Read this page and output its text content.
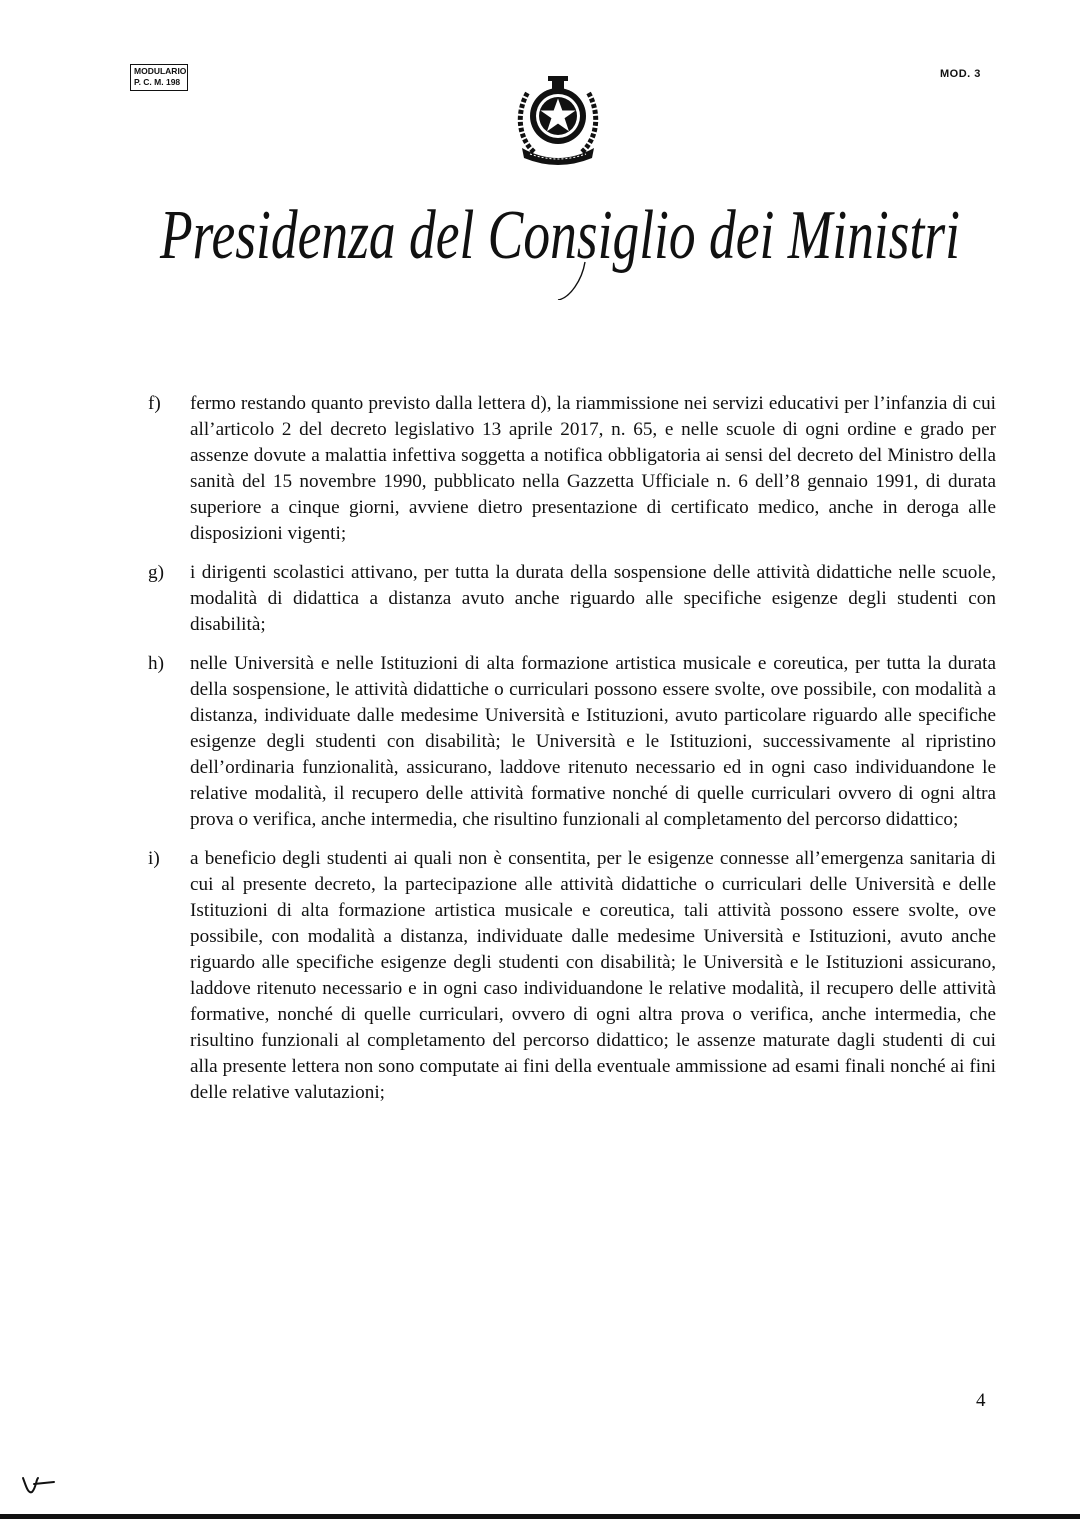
MODULARIO
P. C. M. 198
MOD. 3
Presidenza del Consiglio dei Ministri
f)	fermo restando quanto previsto dalla lettera d), la riammissione nei servizi educativi per l’infanzia di cui all’articolo 2 del decreto legislativo 13 aprile 2017, n. 65, e nelle scuole di ogni ordine e grado per assenze dovute a malattia infettiva soggetta a notifica obbligatoria ai sensi del decreto del Ministro della sanità del 15 novembre 1990, pubblicato nella Gazzetta Ufficiale n. 6 dell’8 gennaio 1991, di durata superiore a cinque giorni, avviene dietro presentazione di certificato medico, anche in deroga alle disposizioni vigenti;
g)	i dirigenti scolastici attivano, per tutta la durata della sospensione delle attività didattiche nelle scuole, modalità di didattica a distanza avuto anche riguardo alle specifiche esigenze degli studenti con disabilità;
h)	nelle Università e nelle Istituzioni di alta formazione artistica musicale e coreutica, per tutta la durata della sospensione, le attività didattiche o curriculari possono essere svolte, ove possibile, con modalità a distanza, individuate dalle medesime Università e Istituzioni, avuto particolare riguardo alle specifiche esigenze degli studenti con disabilità; le Università e le Istituzioni, successivamente al ripristino dell’ordinaria funzionalità, assicurano, laddove ritenuto necessario ed in ogni caso individuandone le relative modalità, il recupero delle attività formative nonché di quelle curriculari ovvero di ogni altra prova o verifica, anche intermedia, che risultino funzionali al completamento del percorso didattico;
i)	a beneficio degli studenti ai quali non è consentita, per le esigenze connesse all’emergenza sanitaria di cui al presente decreto, la partecipazione alle attività didattiche o curriculari delle Università e delle Istituzioni di alta formazione artistica musicale e coreutica, tali attività possono essere svolte, ove possibile, con modalità a distanza, individuate dalle medesime Università e Istituzioni, avuto anche riguardo alle specifiche esigenze degli studenti con disabilità; le Università e le Istituzioni assicurano, laddove ritenuto necessario e in ogni caso individuandone le relative modalità, il recupero delle attività formative, nonché di quelle curriculari, ovvero di ogni altra prova o verifica, anche intermedia, che risultino funzionali al completamento del percorso didattico; le assenze maturate dagli studenti di cui alla presente lettera non sono computate ai fini della eventuale ammissione ad esami finali nonché ai fini delle relative valutazioni;
4
